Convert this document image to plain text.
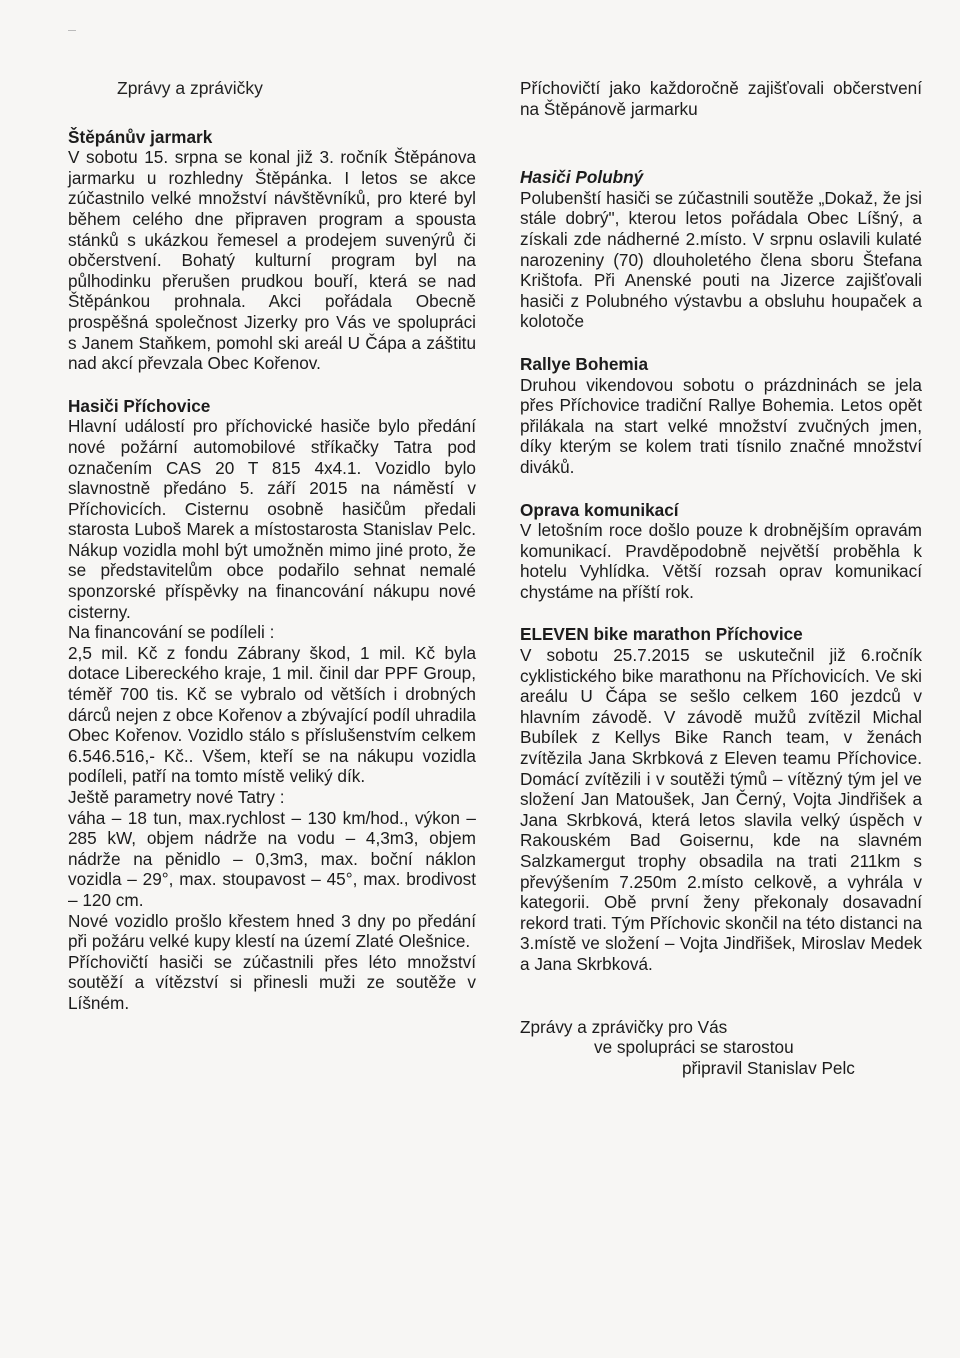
Zprávy a zprávičky
Štěpánův jarmark

V sobotu 15. srpna se konal již 3. ročník Štěpánova jarmarku u rozhledny Štěpánka. I letos se akce zúčastnilo velké množství návštěvníků, pro které byl během celého dne připraven program a spousta stánků s ukázkou řemesel a prodejem suvenýrů či občerstvení. Bohatý kulturní program byl na půlhodinku přerušen prudkou bouří, která se nad Štěpánkou prohnala. Akci pořádala Obecně prospěšná společnost Jizerky pro Vás ve spolupráci s Janem Staňkem, pomohl ski areál U Čápa a záštitu nad akcí převzala Obec Kořenov.

Hasiči Příchovice

Hlavní událostí pro příchovické hasiče bylo předání nové požární automobilové stříkačky Tatra pod označením CAS 20 T 815 4x4.1. Vozidlo bylo slavnostně předáno 5. září 2015 na náměstí v Příchovicích. Cisternu osobně hasičům předali starosta Luboš Marek a místostarosta Stanislav Pelc. Nákup vozidla mohl být umožněn mimo jiné proto, že se představitelům obce podařilo sehnat nemalé sponzorské příspěvky na financování nákupu nové cisterny.

Na financování se podíleli :

2,5 mil. Kč z fondu Zábrany škod, 1 mil. Kč byla dotace Libereckého kraje, 1 mil. činil dar PPF Group, téměř 700 tis. Kč se vybralo od větších i drobných dárců nejen z obce Kořenov a zbývající podíl uhradila Obec Kořenov. Vozidlo stálo s příslušenstvím celkem 6.546.516,- Kč.. Všem, kteří se na nákupu vozidla podíleli, patří na tomto místě veliký dík.

Ještě parametry nové Tatry :

váha – 18 tun, max.rychlost – 130 km/hod., výkon – 285 kW, objem nádrže na vodu – 4,3m3, objem nádrže na pěnidlo – 0,3m3, max. boční náklon vozidla – 29°, max. stoupavost – 45°, max. brodivost – 120 cm.

Nové vozidlo prošlo křestem hned 3 dny po předání při požáru velké kupy klestí na území Zlaté Olešnice.

Příchovičtí hasiči se zúčastnili přes léto množství soutěží a vítězství si přinesli muži ze soutěže v Líšném.

Příchovičtí jako každoročně zajišťovali občerstvení na Štěpánově jarmarku

Hasiči Polubný

Polubenští hasiči se zúčastnili soutěže „Dokaž, že jsi stále dobrý", kterou letos pořádala Obec Líšný, a získali zde nádherné 2.místo. V srpnu oslavili kulaté narozeniny (70) dlouholetého člena sboru Štefana Krištofa. Při Anenské pouti na Jizerce zajišťovali hasiči z Polubného výstavbu a obsluhu houpaček a kolotoče

Rallye Bohemia

Druhou vikendovou sobotu o prázdninách se jela přes Příchovice tradiční Rallye Bohemia. Letos opět přilákala na start velké množství zvučných jmen, díky kterým se kolem trati tísnilo značné množství diváků.

Oprava komunikací

V letošním roce došlo pouze k drobnějším opravám komunikací. Pravděpodobně největší proběhla k hotelu Vyhlídka. Větší rozsah oprav komunikací chystáme na příští rok.

ELEVEN bike marathon Příchovice

V sobotu 25.7.2015 se uskutečnil již 6.ročník cyklistického bike marathonu na Příchovicích. Ve ski areálu U Čápa se sešlo celkem 160 jezdců v hlavním závodě. V závodě mužů zvítězil Michal Bubílek z Kellys Bike Ranch team, v ženách zvítězila Jana Skrbková z Eleven teamu Příchovice. Domácí zvítězili i v soutěži týmů – vítězný tým jel ve složení Jan Matoušek, Jan Černý, Vojta Jindřišek a Jana Skrbková, která letos slavila velký úspěch v Rakouském Bad Goisernu, kde na slavném Salzkamergut trophy obsadila na trati 211km s převýšením 7.250m 2.místo celkově, a vyhrála v kategorii. Obě první ženy překonaly dosavadní rekord trati. Tým Příchovic skončil na této distanci na 3.místě ve složení – Vojta Jindřišek, Miroslav Medek a Jana Skrbková.

Zprávy a zprávičky pro Vás

ve spolupráci se starostou

připravil Stanislav Pelc
